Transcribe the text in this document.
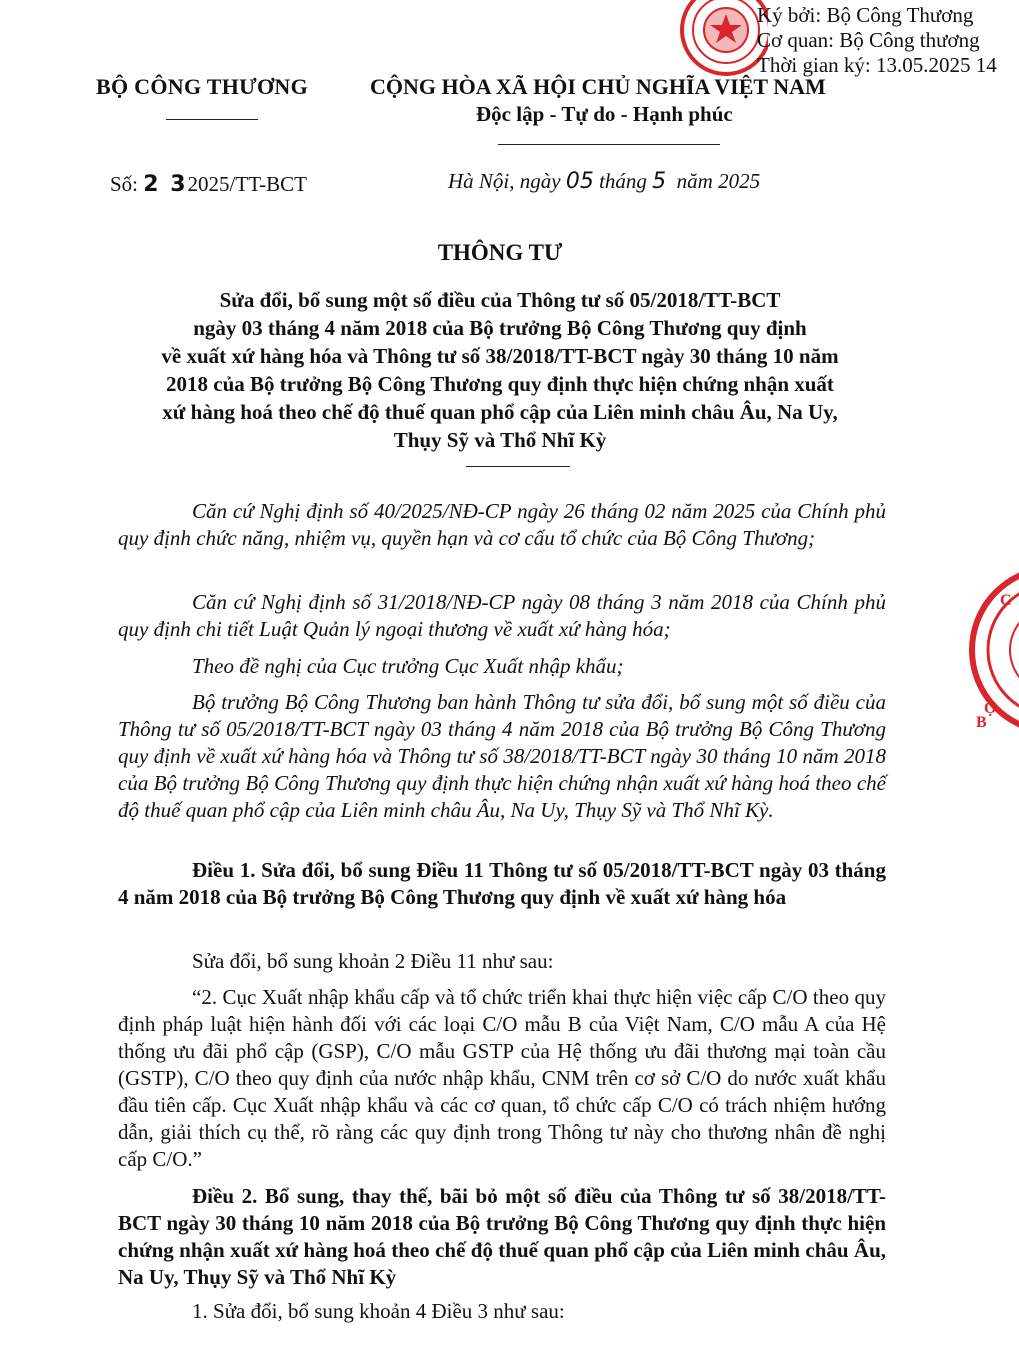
C
Ộ
B
Ký bởi: Bộ Công Thương
Cơ quan: Bộ Công thương
Thời gian ký: 13.05.2025 14
BỘ CÔNG THƯƠNG	CỘNG HÒA XÃ HỘI CHỦ NGHĨA VIỆT NAM
Độc lập - Tự do - Hạnh phúc
Số: 2 32025/TT-BCT	Hà Nội, ngày 05 tháng 5 năm 2025
THÔNG TƯ
Sửa đổi, bổ sung một số điều của Thông tư số 05/2018/TT-BCT
ngày 03 tháng 4 năm 2018 của Bộ trưởng Bộ Công Thương quy định
về xuất xứ hàng hóa và Thông tư số 38/2018/TT-BCT ngày 30 tháng 10 năm
2018 của Bộ trưởng Bộ Công Thương quy định thực hiện chứng nhận xuất
xứ hàng hoá theo chế độ thuế quan phổ cập của Liên minh châu Âu, Na Uy,
Thụy Sỹ và Thổ Nhĩ Kỳ
Căn cứ Nghị định số 40/2025/NĐ-CP ngày 26 tháng 02 năm 2025 của Chính phủ quy định chức năng, nhiệm vụ, quyền hạn và cơ cấu tổ chức của Bộ Công Thương;
Căn cứ Nghị định số 31/2018/NĐ-CP ngày 08 tháng 3 năm 2018 của Chính phủ quy định chi tiết Luật Quản lý ngoại thương về xuất xứ hàng hóa;
Theo đề nghị của Cục trưởng Cục Xuất nhập khẩu;
Bộ trưởng Bộ Công Thương ban hành Thông tư sửa đổi, bổ sung một số điều của Thông tư số 05/2018/TT-BCT ngày 03 tháng 4 năm 2018 của Bộ trưởng Bộ Công Thương quy định về xuất xứ hàng hóa và Thông tư số 38/2018/TT-BCT ngày 30 tháng 10 năm 2018 của Bộ trưởng Bộ Công Thương quy định thực hiện chứng nhận xuất xứ hàng hoá theo chế độ thuế quan phổ cập của Liên minh châu Âu, Na Uy, Thụy Sỹ và Thổ Nhĩ Kỳ.
Điều 1. Sửa đổi, bổ sung Điều 11 Thông tư số 05/2018/TT-BCT ngày 03 tháng 4 năm 2018 của Bộ trưởng Bộ Công Thương quy định về xuất xứ hàng hóa
Sửa đổi, bổ sung khoản 2 Điều 11 như sau:
“2. Cục Xuất nhập khẩu cấp và tổ chức triển khai thực hiện việc cấp C/O theo quy định pháp luật hiện hành đối với các loại C/O mẫu B của Việt Nam, C/O mẫu A của Hệ thống ưu đãi phổ cập (GSP), C/O mẫu GSTP của Hệ thống ưu đãi thương mại toàn cầu (GSTP), C/O theo quy định của nước nhập khẩu, CNM trên cơ sở C/O do nước xuất khẩu đầu tiên cấp. Cục Xuất nhập khẩu và các cơ quan, tổ chức cấp C/O có trách nhiệm hướng dẫn, giải thích cụ thể, rõ ràng các quy định trong Thông tư này cho thương nhân đề nghị cấp C/O.”
Điều 2. Bổ sung, thay thế, bãi bỏ một số điều của Thông tư số 38/2018/TT-BCT ngày 30 tháng 10 năm 2018 của Bộ trưởng Bộ Công Thương quy định thực hiện chứng nhận xuất xứ hàng hoá theo chế độ thuế quan phổ cập của Liên minh châu Âu, Na Uy, Thụy Sỹ và Thổ Nhĩ Kỳ
1. Sửa đổi, bổ sung khoản 4 Điều 3 như sau:
